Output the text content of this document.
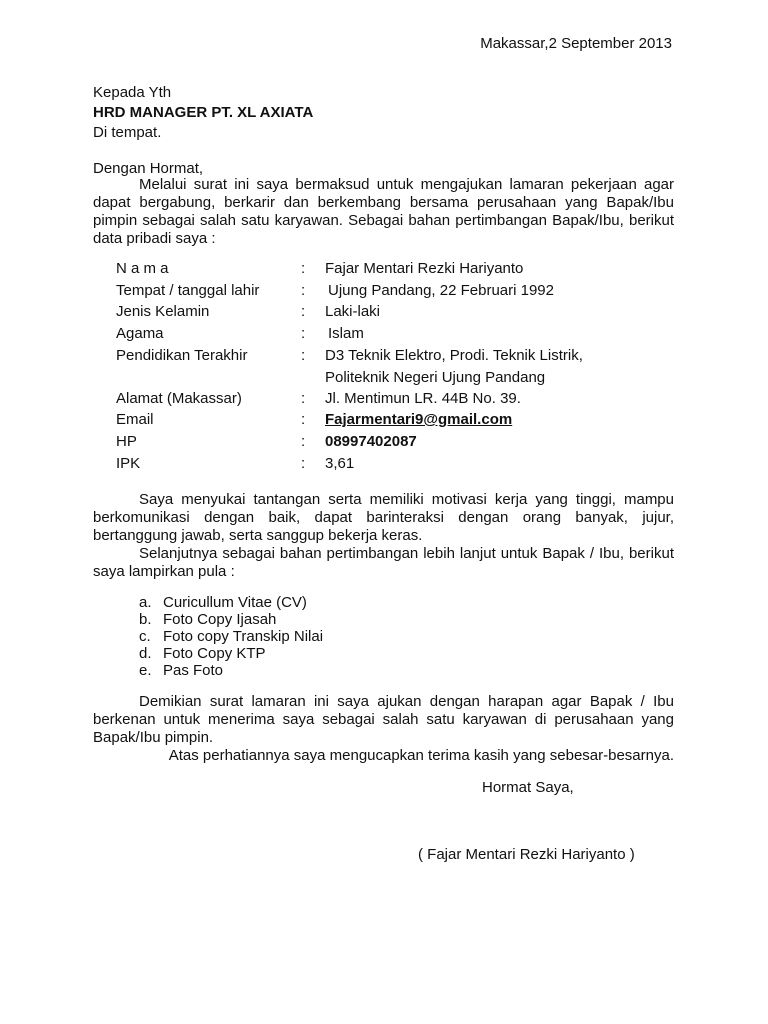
Makassar,2 September 2013
Kepada Yth
HRD MANAGER PT. XL AXIATA
Di tempat.
Dengan Hormat,

Melalui surat ini saya bermaksud untuk mengajukan lamaran pekerjaan agar dapat bergabung, berkarir dan berkembang bersama perusahaan yang Bapak/Ibu pimpin sebagai salah satu karyawan. Sebagai bahan pertimbangan Bapak/Ibu, berikut data pribadi saya :

N a m a	: Fajar Mentari Rezki Hariyanto
Tempat / tanggal lahir	: Ujung Pandang, 22 Februari 1992
Jenis Kelamin	: Laki-laki
Agama	: Islam
Pendidikan Terakhir	: D3 Teknik Elektro, Prodi. Teknik Listrik,
Politeknik Negeri Ujung Pandang
Alamat (Makassar)	: Jl. Mentimun LR. 44B No. 39.
Email	: Fajarmentari9@gmail.com
HP	: 08997402087
IPK	: 3,61

Saya menyukai tantangan serta memiliki motivasi kerja yang tinggi, mampu berkomunikasi dengan baik, dapat barinteraksi dengan orang banyak, jujur, bertanggung jawab, serta sanggup bekerja keras.

Selanjutnya sebagai bahan pertimbangan lebih lanjut untuk Bapak / Ibu, berikut saya lampirkan pula :

a. Curicullum Vitae (CV)
b. Foto Copy Ijasah
c. Foto copy Transkip Nilai
d. Foto Copy KTP
e. Pas Foto

Demikian surat lamaran ini saya ajukan dengan harapan agar Bapak / Ibu berkenan untuk menerima saya sebagai salah satu karyawan di perusahaan yang Bapak/Ibu pimpin.

Atas perhatiannya saya mengucapkan terima kasih yang sebesar-besarnya.
Hormat Saya,
( Fajar Mentari Rezki Hariyanto )
